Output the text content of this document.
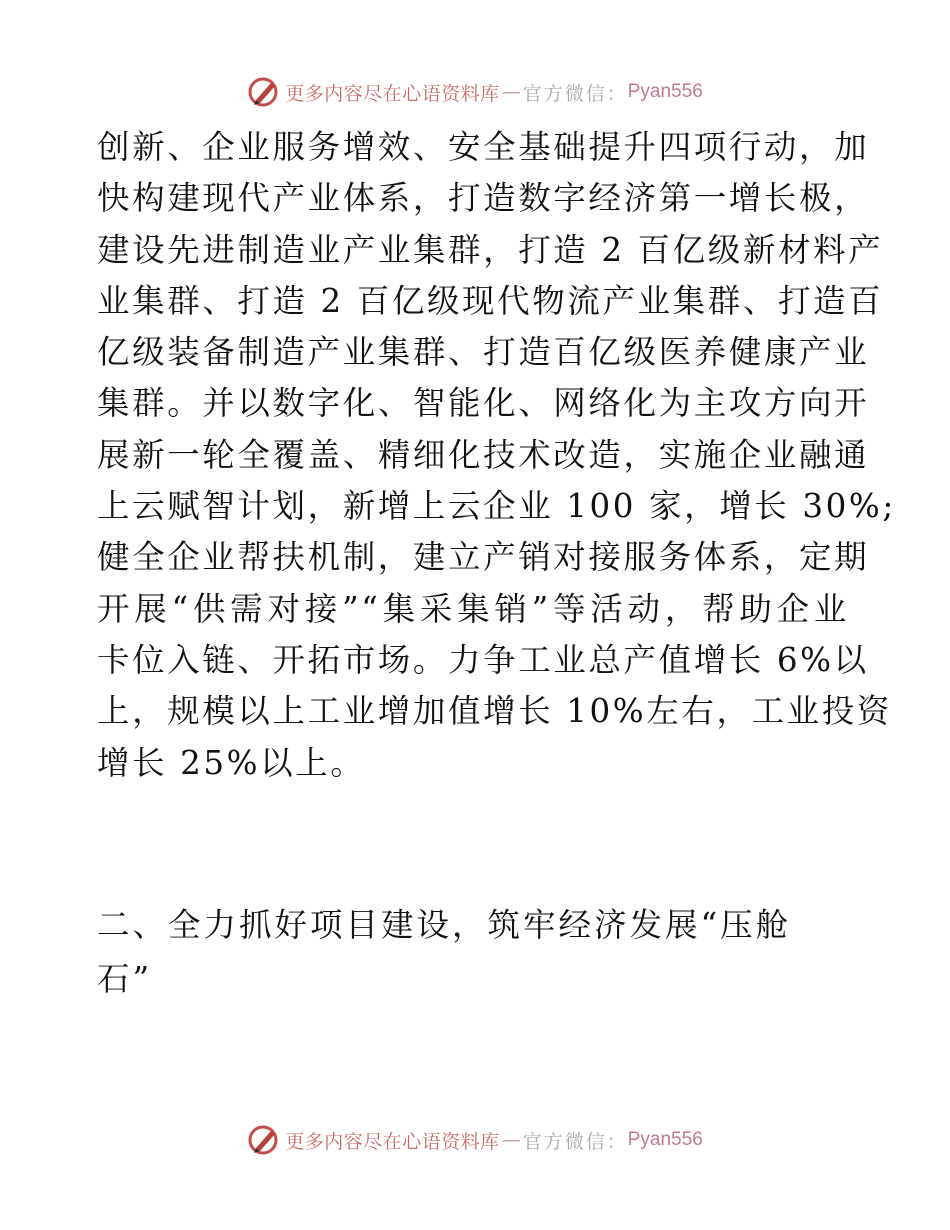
更多内容尽在心语资料库 — 官方微信： Pyan556
创新、企业服务增效、安全基础提升四项行动，加
快构建现代产业体系，打造数字经济第一增长极，
建设先进制造业产业集群，打造 2 百亿级新材料产
业集群、打造 2 百亿级现代物流产业集群、打造百
亿级装备制造产业集群、打造百亿级医养健康产业
集群。并以数字化、智能化、网络化为主攻方向开
展新一轮全覆盖、精细化技术改造，实施企业融通
上云赋智计划，新增上云企业 100 家，增长 30%;
健全企业帮扶机制，建立产销对接服务体系，定期
开展“供需对接”“集采集销”等活动，帮助企业
卡位入链、开拓市场。力争工业总产值增长 6%以
上，规模以上工业增加值增长 10%左右，工业投资
增长 25%以上。
二、全力抓好项目建设，筑牢经济发展“压舱
石”
更多内容尽在心语资料库 — 官方微信： Pyan556
